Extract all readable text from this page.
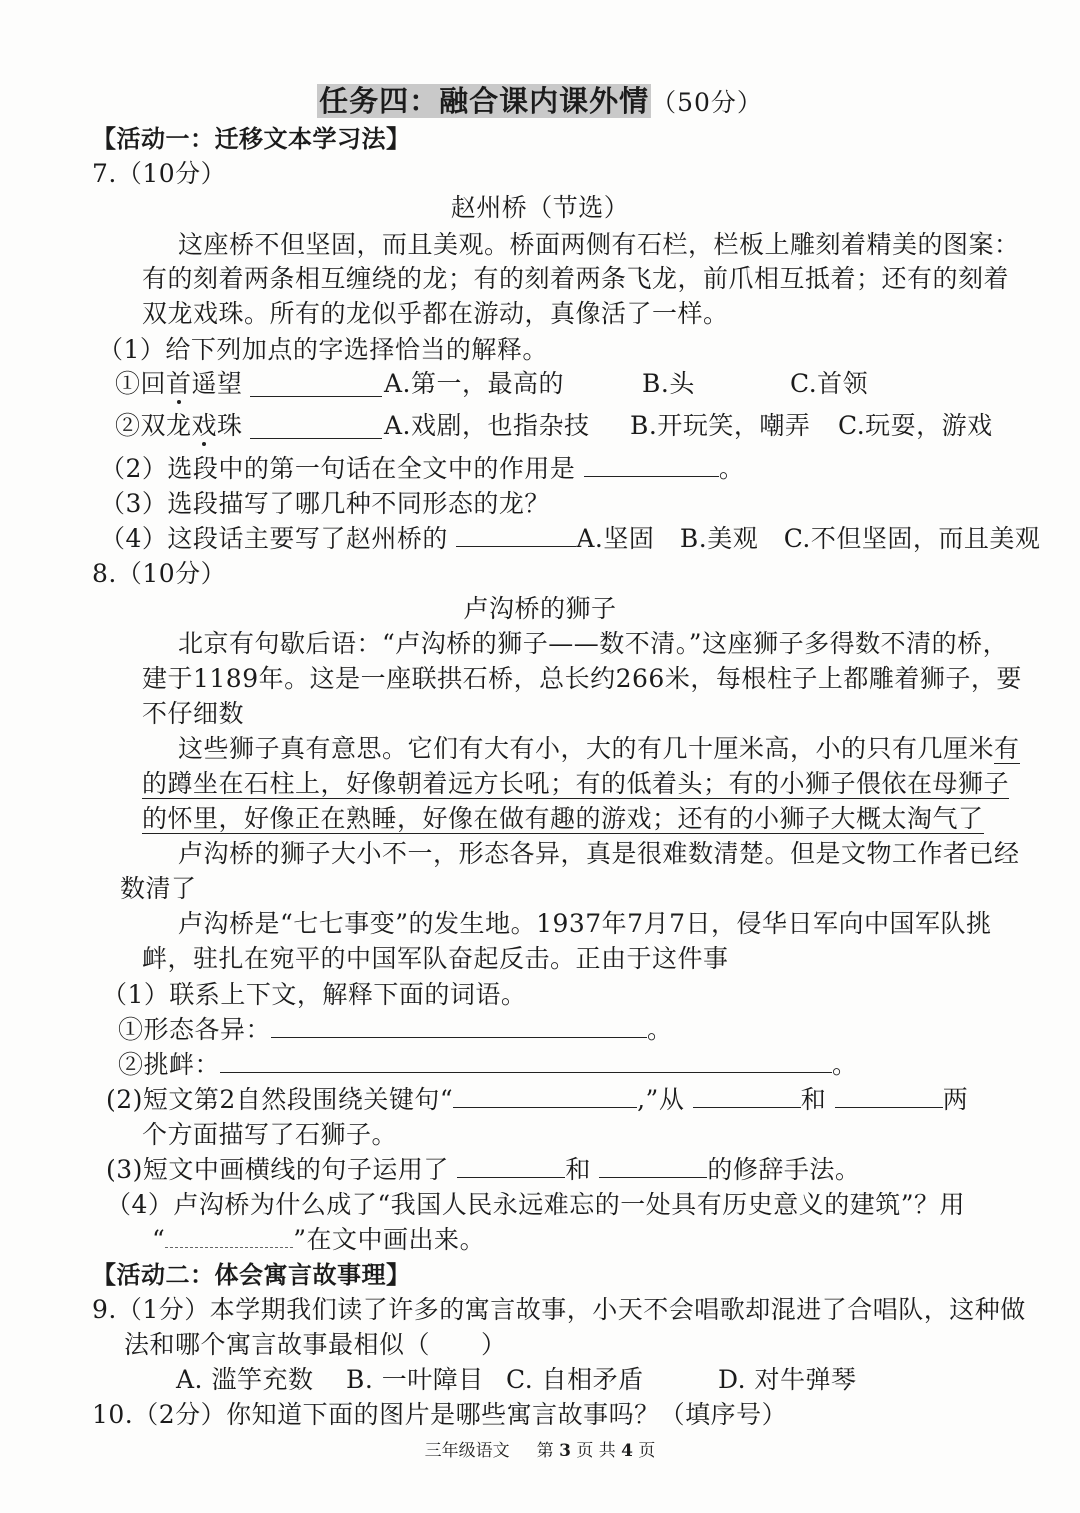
任务四：融合课内课外情（50分）
【活动一：迁移文本学习法】
7.（10分）
赵州桥（节选）
这座桥不但坚固，而且美观。桥面两侧有石栏，栏板上雕刻着精美的图案：
有的刻着两条相互缠绕的龙；有的刻着两条飞龙，前爪相互抵着；还有的刻着
双龙戏珠。所有的龙似乎都在游动，真像活了一样。
（1）给下列加点的字选择恰当的解释。
①回首遥望	A.第一，最高的	B.头	C.首领
②双龙戏珠	A.戏剧，也指杂技 B.开玩笑，嘲弄 C.玩耍，游戏
（2）选段中的第一句话在全文中的作用是	。
（3）选段描写了哪几种不同形态的龙？
（4）这段话主要写了赵州桥的	A.坚固　B.美观　C.不但坚固，而且美观
8.（10分）
卢沟桥的狮子
北京有句歇后语：“卢沟桥的狮子——数不清。”这座狮子多得数不清的桥，
建于1189年。这是一座联拱石桥，总长约266米，每根柱子上都雕着狮子，要
不仔细数
这些狮子真有意思。它们有大有小，大的有几十厘米高，小的只有几厘米有
的蹲坐在石柱上，好像朝着远方长吼；有的低着头；有的小狮子偎依在母狮子
的怀里，好像正在熟睡，好像在做有趣的游戏；还有的小狮子大概太淘气了
卢沟桥的狮子大小不一，形态各异，真是很难数清楚。但是文物工作者已经
数清了
卢沟桥是“七七事变”的发生地。1937年7月7日，侵华日军向中国军队挑
衅，驻扎在宛平的中国军队奋起反击。正由于这件事
（1）联系上下文，解释下面的词语。
①形态各异：	。
②挑衅：	。
(2)短文第2自然段围绕关键句“	,”从	和	两
个方面描写了石狮子。
(3)短文中画横线的句子运用了	和	的修辞手法。
（4）卢沟桥为什么成了“我国人民永远难忘的一处具有历史意义的建筑”？用
“	”在文中画出来。
【活动二：体会寓言故事理】
9.（1分）本学期我们读了许多的寓言故事，小天不会唱歌却混进了合唱队，这种做
法和哪个寓言故事最相似（　　）
A. 滥竽充数 B. 一叶障目 C. 自相矛盾	D. 对牛弹琴
10.（2分）你知道下面的图片是哪些寓言故事吗？（填序号）
三年级语文 第 3 页 共 4 页
